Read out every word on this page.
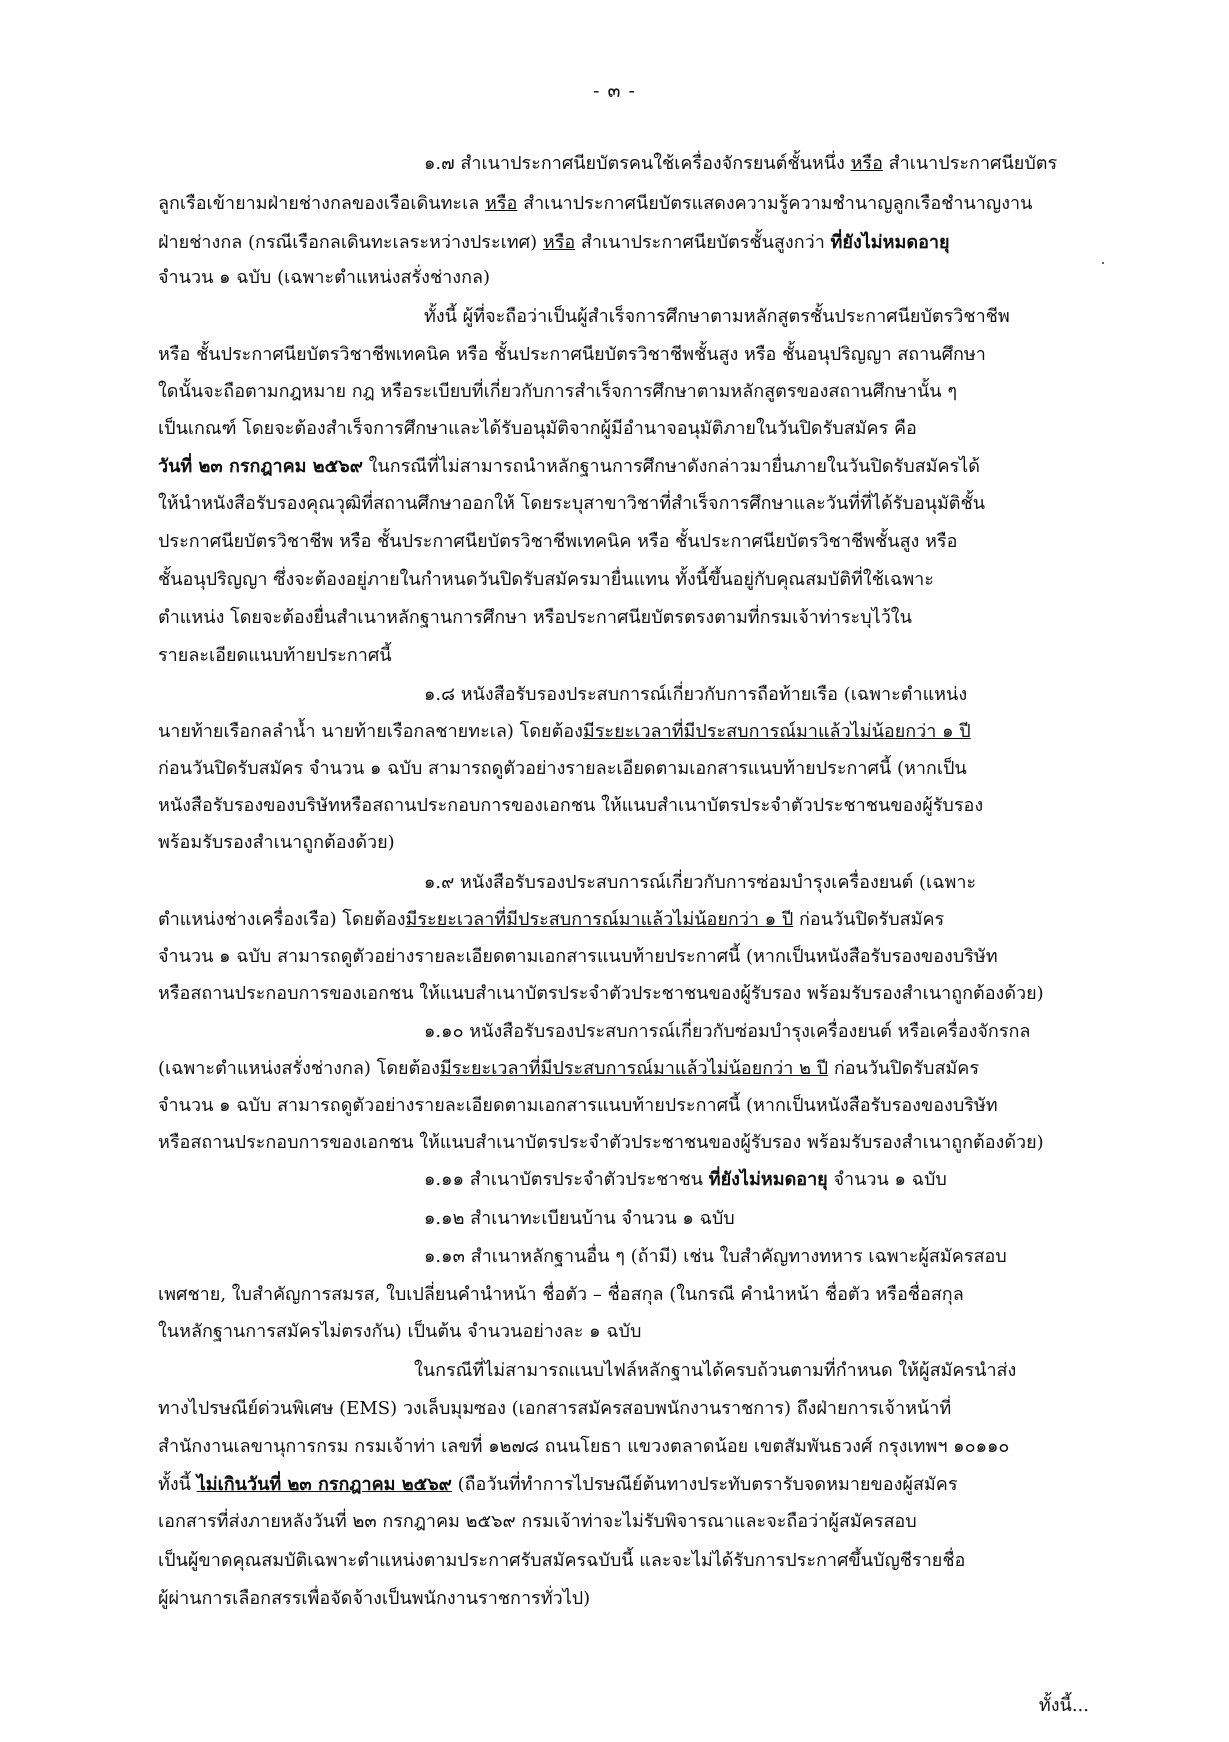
- ๓ -

๑.๗ สำเนาประกาศนียบัตรคนใช้เครื่องจักรยนต์ชั้นหนึ่ง หรือ สำเนาประกาศนียบัตร

ลูกเรือเข้ายามฝ่ายช่างกลของเรือเดินทะเล หรือ สำเนาประกาศนียบัตรแสดงความรู้ความชำนาญลูกเรือชำนาญงาน

ฝ่ายช่างกล (กรณีเรือกลเดินทะเลระหว่างประเทศ) หรือ สำเนาประกาศนียบัตรชั้นสูงกว่า ที่ยังไม่หมดอายุ

จำนวน ๑ ฉบับ (เฉพาะตำแหน่งสรั่งช่างกล)

ทั้งนี้ ผู้ที่จะถือว่าเป็นผู้สำเร็จการศึกษาตามหลักสูตรชั้นประกาศนียบัตรวิชาชีพ

หรือ ชั้นประกาศนียบัตรวิชาชีพเทคนิค หรือ ชั้นประกาศนียบัตรวิชาชีพชั้นสูง หรือ ชั้นอนุปริญญา สถานศึกษา

ใดนั้นจะถือตามกฎหมาย กฎ หรือระเบียบที่เกี่ยวกับการสำเร็จการศึกษาตามหลักสูตรของสถานศึกษานั้น ๆ

เป็นเกณฑ์ โดยจะต้องสำเร็จการศึกษาและได้รับอนุมัติจากผู้มีอำนาจอนุมัติภายในวันปิดรับสมัคร คือ

วันที่ ๒๓ กรกฎาคม ๒๕๖๙ ในกรณีที่ไม่สามารถนำหลักฐานการศึกษาดังกล่าวมายื่นภายในวันปิดรับสมัครได้

ให้นำหนังสือรับรองคุณวุฒิที่สถานศึกษาออกให้ โดยระบุสาขาวิชาที่สำเร็จการศึกษาและวันที่ที่ได้รับอนุมัติชั้น

ประกาศนียบัตรวิชาชีพ หรือ ชั้นประกาศนียบัตรวิชาชีพเทคนิค หรือ ชั้นประกาศนียบัตรวิชาชีพชั้นสูง หรือ

ชั้นอนุปริญญา ซึ่งจะต้องอยู่ภายในกำหนดวันปิดรับสมัครมายื่นแทน ทั้งนี้ขึ้นอยู่กับคุณสมบัติที่ใช้เฉพาะ

ตำแหน่ง โดยจะต้องยื่นสำเนาหลักฐานการศึกษา หรือประกาศนียบัตรตรงตามที่กรมเจ้าท่าระบุไว้ใน

รายละเอียดแนบท้ายประกาศนี้

๑.๘ หนังสือรับรองประสบการณ์เกี่ยวกับการถือท้ายเรือ (เฉพาะตำแหน่ง

นายท้ายเรือกลลำน้ำ นายท้ายเรือกลชายทะเล) โดยต้องมีระยะเวลาที่มีประสบการณ์มาแล้วไม่น้อยกว่า ๑ ปี

ก่อนวันปิดรับสมัคร จำนวน ๑ ฉบับ สามารถดูตัวอย่างรายละเอียดตามเอกสารแนบท้ายประกาศนี้ (หากเป็น

หนังสือรับรองของบริษัทหรือสถานประกอบการของเอกชน ให้แนบสำเนาบัตรประจำตัวประชาชนของผู้รับรอง

พร้อมรับรองสำเนาถูกต้องด้วย)

๑.๙ หนังสือรับรองประสบการณ์เกี่ยวกับการซ่อมบำรุงเครื่องยนต์ (เฉพาะ

ตำแหน่งช่างเครื่องเรือ) โดยต้องมีระยะเวลาที่มีประสบการณ์มาแล้วไม่น้อยกว่า ๑ ปี ก่อนวันปิดรับสมัคร

จำนวน ๑ ฉบับ สามารถดูตัวอย่างรายละเอียดตามเอกสารแนบท้ายประกาศนี้ (หากเป็นหนังสือรับรองของบริษัท

หรือสถานประกอบการของเอกชน ให้แนบสำเนาบัตรประจำตัวประชาชนของผู้รับรอง พร้อมรับรองสำเนาถูกต้องด้วย)

๑.๑๐ หนังสือรับรองประสบการณ์เกี่ยวกับซ่อมบำรุงเครื่องยนต์ หรือเครื่องจักรกล

(เฉพาะตำแหน่งสรั่งช่างกล) โดยต้องมีระยะเวลาที่มีประสบการณ์มาแล้วไม่น้อยกว่า ๒ ปี ก่อนวันปิดรับสมัคร

จำนวน ๑ ฉบับ สามารถดูตัวอย่างรายละเอียดตามเอกสารแนบท้ายประกาศนี้ (หากเป็นหนังสือรับรองของบริษัท

หรือสถานประกอบการของเอกชน ให้แนบสำเนาบัตรประจำตัวประชาชนของผู้รับรอง พร้อมรับรองสำเนาถูกต้องด้วย)

๑.๑๑ สำเนาบัตรประจำตัวประชาชน ที่ยังไม่หมดอายุ จำนวน ๑ ฉบับ

๑.๑๒ สำเนาทะเบียนบ้าน จำนวน ๑ ฉบับ

๑.๑๓ สำเนาหลักฐานอื่น ๆ (ถ้ามี) เช่น ใบสำคัญทางทหาร เฉพาะผู้สมัครสอบ

เพศชาย, ใบสำคัญการสมรส, ใบเปลี่ยนคำนำหน้า ชื่อตัว – ชื่อสกุล (ในกรณี คำนำหน้า ชื่อตัว หรือชื่อสกุล

ในหลักฐานการสมัครไม่ตรงกัน) เป็นต้น จำนวนอย่างละ ๑ ฉบับ

ในกรณีที่ไม่สามารถแนบไฟล์หลักฐานได้ครบถ้วนตามที่กำหนด ให้ผู้สมัครนำส่ง

ทางไปรษณีย์ด่วนพิเศษ (EMS) วงเล็บมุมซอง (เอกสารสมัครสอบพนักงานราชการ) ถึงฝ่ายการเจ้าหน้าที่

สำนักงานเลขานุการกรม กรมเจ้าท่า เลขที่ ๑๒๗๘ ถนนโยธา แขวงตลาดน้อย เขตสัมพันธวงศ์ กรุงเทพฯ ๑๐๑๑๐

ทั้งนี้ ไม่เกินวันที่ ๒๓ กรกฎาคม ๒๕๖๙ (ถือวันที่ทำการไปรษณีย์ต้นทางประทับตรารับจดหมายของผู้สมัคร

เอกสารที่ส่งภายหลังวันที่ ๒๓ กรกฎาคม ๒๕๖๙ กรมเจ้าท่าจะไม่รับพิจารณาและจะถือว่าผู้สมัครสอบ

เป็นผู้ขาดคุณสมบัติเฉพาะตำแหน่งตามประกาศรับสมัครฉบับนี้ และจะไม่ได้รับการประกาศขึ้นบัญชีรายชื่อ

ผู้ผ่านการเลือกสรรเพื่อจัดจ้างเป็นพนักงานราชการทั่วไป)

ทั้งนี้...
